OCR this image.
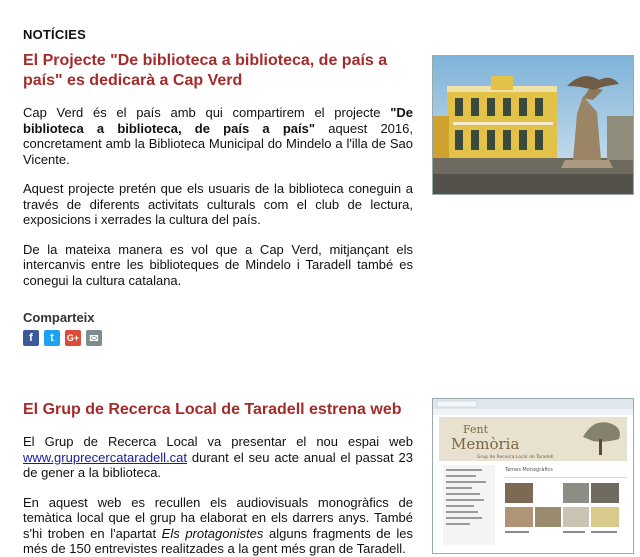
NOTÍCIES
El Projecte "De biblioteca a biblioteca, de país a país" es dedicarà a Cap Verd

Cap Verd és el país amb qui compartirem el projecte "De biblioteca a biblioteca, de país a país" aquest 2016, concretament amb la Biblioteca Municipal do Mindelo a l'illa de Sao Vicente.

Aquest projecte pretén que els usuaris de la biblioteca coneguin a través de diferents activitats culturals com el club de lectura, exposicions i xerrades la cultura del país.

De la mateixa manera es vol que a Cap Verd, mitjançant els intercanvis entre les biblioteques de Mindelo i Taradell també es conegui la cultura catalana.

Comparteix
f	t	G+ ✉
El Grup de Recerca Local de Taradell estrena web

El Grup de Recerca Local va presentar el nou espai web www.gruprecercataradell.cat durant el seu acte anual el passat 23 de gener a la biblioteca.

En aquest web es recullen els audiovisuals monogràfics de temàtica local que el grup ha elaborat en els darrers anys. També s'hi troben en l'apartat Els protagonistes alguns fragments de les més de 150 entrevistes realitzades a la gent més gran de Taradell.

Fent
Memòria
Grup de Recerca Local de Taradell
Temes Monogràfics
